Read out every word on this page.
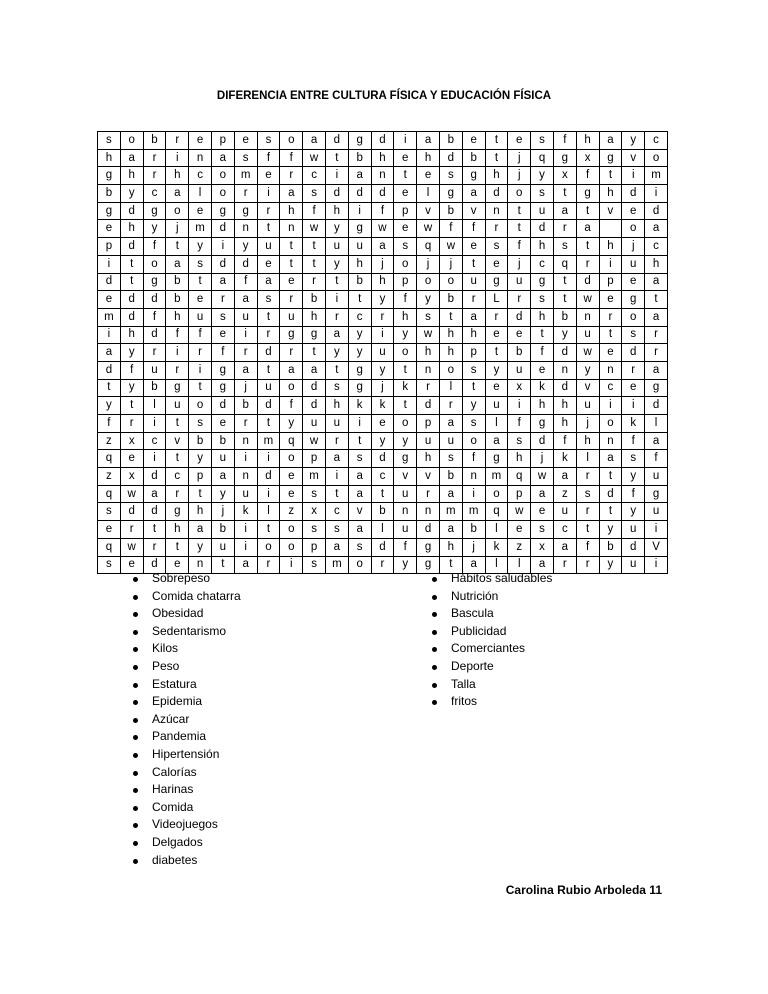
DIFERENCIA ENTRE CULTURA FÍSICA Y EDUCACIÓN FÍSICA
s	o	b	r	e	p	e	s	o	a	d	g	d	i	a	b	e	t	e	s	f	h	a	y	c
h	a	r	i	n	a	s	f	f	w	t	b	h	e	h	d	b	t	j	q	g	x	g	v	o
g	h	r	h	c	o	m	e	r	c	i	a	n	t	e	s	g	h	j	y	x	f	t	i	m
b	y	c	a	l	o	r	i	a	s	d	d	d	e	l	g	a	d	o	s	t	g	h	d	i
g	d	g	o	e	g	g	r	h	f	h	i	f	p	v	b	v	n	t	u	a	t	v	e	d
e	h	y	j	m	d	n	t	n	w	y	g	w	e	w	f	f	r	t	d	r	a		o	a
p	d	f	t	y	i	y	u	t	t	u	u	a	s	q	w	e	s	f	h	s	t	h	j	c
i	t	o	a	s	d	d	e	t	t	y	h	j	o	j	j	t	e	j	c	q	r	i	u	h
d	t	g	b	t	a	f	a	e	r	t	b	h	p	o	o	u	g	u	g	t	d	p	e	a
e	d	d	b	e	r	a	s	r	b	i	t	y	f	y	b	r	L	r	s	t	w	e	g	t
m	d	f	h	u	s	u	t	u	h	r	c	r	h	s	t	a	r	d	h	b	n	r	o	a
i	h	d	f	f	e	i	r	g	g	a	y	i	y	w	h	h	e	e	t	y	u	t	s	r
a	y	r	i	r	f	r	d	r	t	y	y	u	o	h	h	p	t	b	f	d	w	e	d	r
d	f	u	r	i	g	a	t	a	a	t	g	y	t	n	o	s	y	u	e	n	y	n	r	a
t	y	b	g	t	g	j	u	o	d	s	g	j	k	r	l	t	e	x	k	d	v	c	e	g
y	t	l	u	o	d	b	d	f	d	h	k	k	t	d	r	y	u	i	h	h	u	i	i	d
f	r	i	t	s	e	r	t	y	u	u	i	e	o	p	a	s	l	f	g	h	j	o	k	l
z	x	c	v	b	b	n	m	q	w	r	t	y	y	u	u	o	a	s	d	f	h	n	f	a
q	e	i	t	y	u	i	i	o	p	a	s	d	g	h	s	f	g	h	j	k	l	a	s	f
z	x	d	c	p	a	n	d	e	m	i	a	c	v	v	b	n	m	q	w	a	r	t	y	u
q	w	a	r	t	y	u	i	e	s	t	a	t	u	r	a	i	o	p	a	z	s	d	f	g
s	d	d	g	h	j	k	l	z	x	c	v	b	n	n	m	m	q	w	e	u	r	t	y	u
e	r	t	h	a	b	i	t	o	s	s	a	l	u	d	a	b	l	e	s	c	t	y	u	i
q	w	r	t	y	u	i	o	o	p	a	s	d	f	g	h	j	k	z	x	a	f	b	d	V
s	e	d	e	n	t	a	r	i	s	m	o	r	y	g	t	a	l	l	a	r	r	y	u	i
Sobrepeso
Comida chatarra
Obesidad
Sedentarismo
Kilos
Peso
Estatura
Epidemia
Azúcar
Pandemia
Hipertensión
Calorías
Harinas
Comida
Videojuegos
Delgados
diabetes
Hábitos saludables
Nutrición
Bascula
Publicidad
Comerciantes
Deporte
Talla
fritos
Carolina Rubio Arboleda 11
